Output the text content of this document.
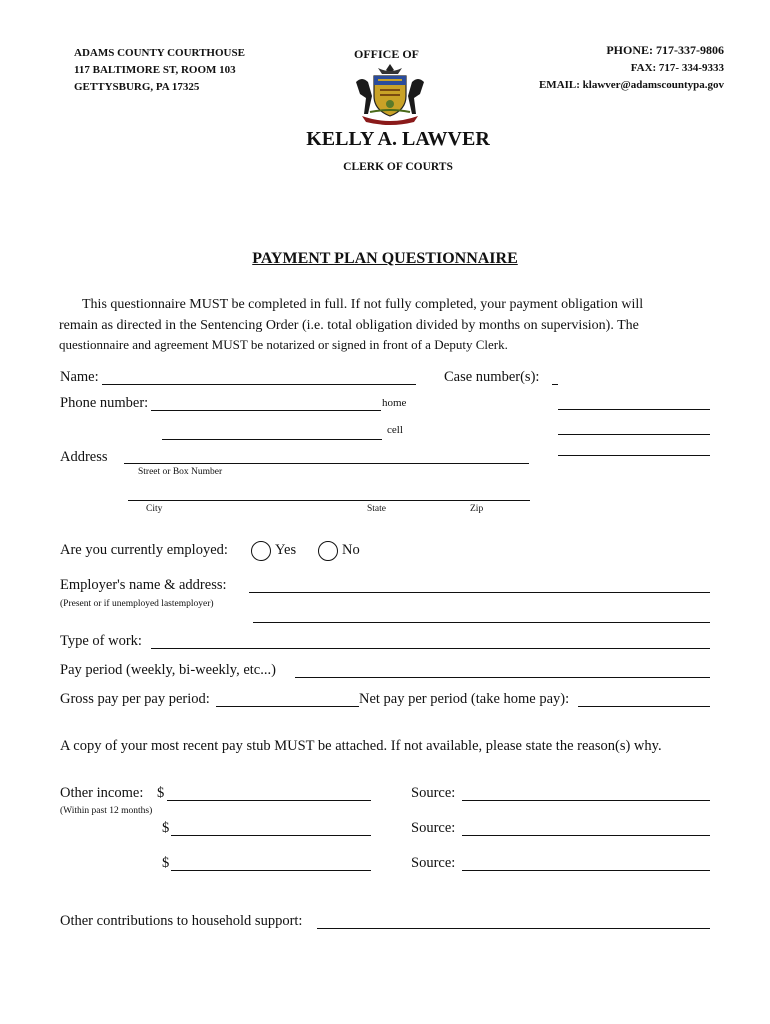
ADAMS COUNTY COURTHOUSE
117 BALTIMORE ST, ROOM 103
GETTYSBURG, PA 17325
OFFICE OF	PHONE: 717-337-9806
FAX: 717- 334-9333
EMAIL: klawver@adamscountypa.gov
KELLY A. LAWVER
CLERK OF COURTS
PAYMENT PLAN QUESTIONNAIRE
This questionnaire MUST be completed in full. If not fully completed, your payment obligation will
remain as directed in the Sentencing Order (i.e. total obligation divided by months on supervision). The
questionnaire and agreement MUST be notarized or signed in front of a Deputy Clerk.
Name:	Case number(s):
Phone number:	home
cell
Address
Street or Box Number
City	State	Zip
Are you currently employed:	Yes	No
Employer's name & address:
(Present or if unemployed lastemployer)
Type of work:
Pay period (weekly, bi-weekly, etc...)
Gross pay per pay period:	Net pay per period (take home pay):
A copy of your most recent pay stub MUST be attached. If not available, please state the reason(s) why.
Other income: $	Source:
(Within past 12 months)
$	Source:
$	Source:
Other contributions to household support:
